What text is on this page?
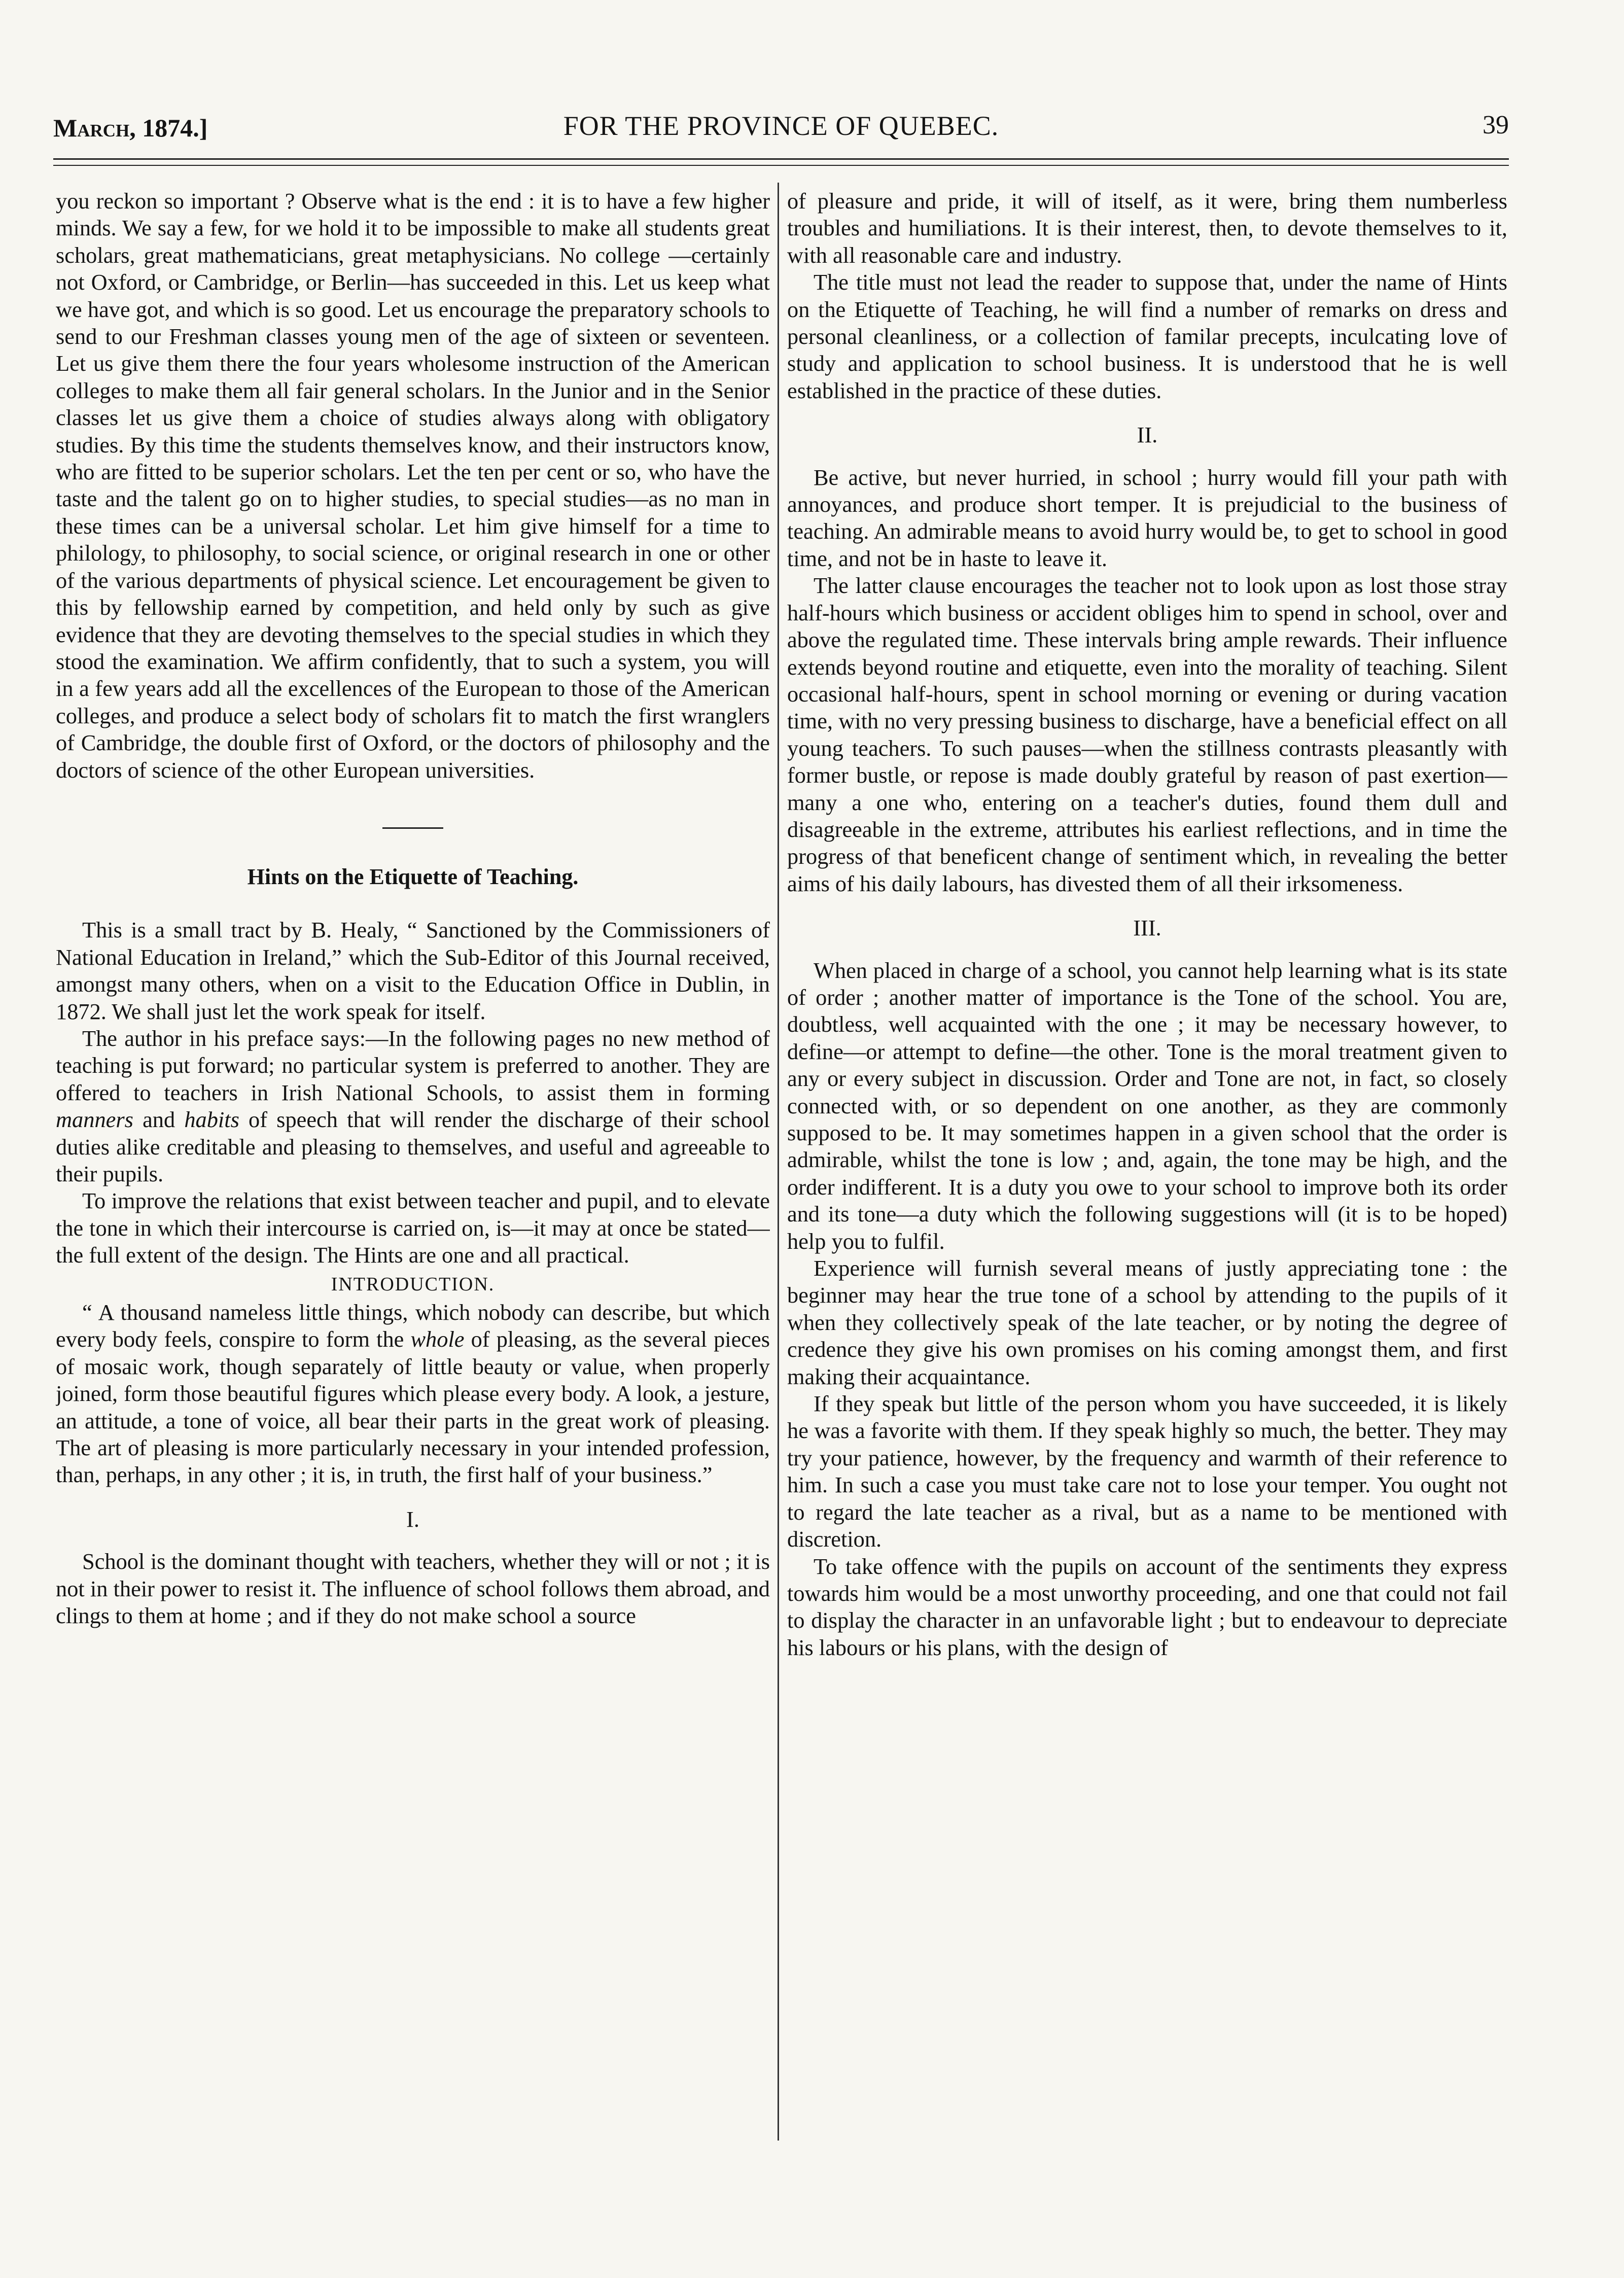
March, 1874.]	FOR THE PROVINCE OF QUEBEC.	39

you reckon so important ? Observe what is the end : it is to have a few higher minds. We say a few, for we hold it to be impossible to make all students great scholars, great mathematicians, great metaphysicians. No college —certainly not Oxford, or Cambridge, or Berlin—has succeeded in this. Let us keep what we have got, and which is so good. Let us encourage the preparatory schools to send to our Freshman classes young men of the age of sixteen or seventeen. Let us give them there the four years wholesome instruction of the American colleges to make them all fair general scholars. In the Junior and in the Senior classes let us give them a choice of studies always along with obligatory studies. By this time the students themselves know, and their instructors know, who are fitted to be superior scholars. Let the ten per cent or so, who have the taste and the talent go on to higher studies, to special studies—as no man in these times can be a universal scholar. Let him give himself for a time to philology, to philosophy, to social science, or original research in one or other of the various departments of physical science. Let encouragement be given to this by fellowship earned by competition, and held only by such as give evidence that they are devoting themselves to the special studies in which they stood the examination. We affirm confidently, that to such a system, you will in a few years add all the excellences of the European to those of the American colleges, and produce a select body of scholars fit to match the first wranglers of Cambridge, the double first of Oxford, or the doctors of philosophy and the doctors of science of the other European universities.

Hints on the Etiquette of Teaching.

This is a small tract by B. Healy, “ Sanctioned by the Commissioners of National Education in Ireland,” which the Sub-Editor of this Journal received, amongst many others, when on a visit to the Education Office in Dublin, in 1872. We shall just let the work speak for itself.

The author in his preface says:—In the following pages no new method of teaching is put forward; no particular system is preferred to another. They are offered to teachers in Irish National Schools, to assist them in forming manners and habits of speech that will render the discharge of their school duties alike creditable and pleasing to themselves, and useful and agreeable to their pupils.

To improve the relations that exist between teacher and pupil, and to elevate the tone in which their intercourse is carried on, is—it may at once be stated—the full extent of the design. The Hints are one and all practical.

INTRODUCTION.

“ A thousand nameless little things, which nobody can describe, but which every body feels, conspire to form the whole of pleasing, as the several pieces of mosaic work, though separately of little beauty or value, when properly joined, form those beautiful figures which please every body. A look, a jesture, an attitude, a tone of voice, all bear their parts in the great work of pleasing. The art of pleasing is more particularly necessary in your intended profession, than, perhaps, in any other ; it is, in truth, the first half of your business.”

I.

School is the dominant thought with teachers, whether they will or not ; it is not in their power to resist it. The influence of school follows them abroad, and clings to them at home ; and if they do not make school a source

of pleasure and pride, it will of itself, as it were, bring them numberless troubles and humiliations. It is their interest, then, to devote themselves to it, with all reasonable care and industry.

The title must not lead the reader to suppose that, under the name of Hints on the Etiquette of Teaching, he will find a number of remarks on dress and personal cleanliness, or a collection of familar precepts, inculcating love of study and application to school business. It is understood that he is well established in the practice of these duties.

II.

Be active, but never hurried, in school ; hurry would fill your path with annoyances, and produce short temper. It is prejudicial to the business of teaching. An admirable means to avoid hurry would be, to get to school in good time, and not be in haste to leave it.

The latter clause encourages the teacher not to look upon as lost those stray half-hours which business or accident obliges him to spend in school, over and above the regulated time. These intervals bring ample rewards. Their influence extends beyond routine and etiquette, even into the morality of teaching. Silent occasional half-hours, spent in school morning or evening or during vacation time, with no very pressing business to discharge, have a beneficial effect on all young teachers. To such pauses—when the stillness contrasts pleasantly with former bustle, or repose is made doubly grateful by reason of past exertion—many a one who, entering on a teacher's duties, found them dull and disagreeable in the extreme, attributes his earliest reflections, and in time the progress of that beneficent change of sentiment which, in revealing the better aims of his daily labours, has divested them of all their irksomeness.

III.

When placed in charge of a school, you cannot help learning what is its state of order ; another matter of importance is the Tone of the school. You are, doubtless, well acquainted with the one ; it may be necessary however, to define—or attempt to define—the other. Tone is the moral treatment given to any or every subject in discussion. Order and Tone are not, in fact, so closely connected with, or so dependent on one another, as they are commonly supposed to be. It may sometimes happen in a given school that the order is admirable, whilst the tone is low ; and, again, the tone may be high, and the order indifferent. It is a duty you owe to your school to improve both its order and its tone—a duty which the following suggestions will (it is to be hoped) help you to fulfil.

Experience will furnish several means of justly appreciating tone : the beginner may hear the true tone of a school by attending to the pupils of it when they collectively speak of the late teacher, or by noting the degree of credence they give his own promises on his coming amongst them, and first making their acquaintance.

If they speak but little of the person whom you have succeeded, it is likely he was a favorite with them. If they speak highly so much, the better. They may try your patience, however, by the frequency and warmth of their reference to him. In such a case you must take care not to lose your temper. You ought not to regard the late teacher as a rival, but as a name to be mentioned with discretion.

To take offence with the pupils on account of the sentiments they express towards him would be a most unworthy proceeding, and one that could not fail to display the character in an unfavorable light ; but to endeavour to depreciate his labours or his plans, with the design of
